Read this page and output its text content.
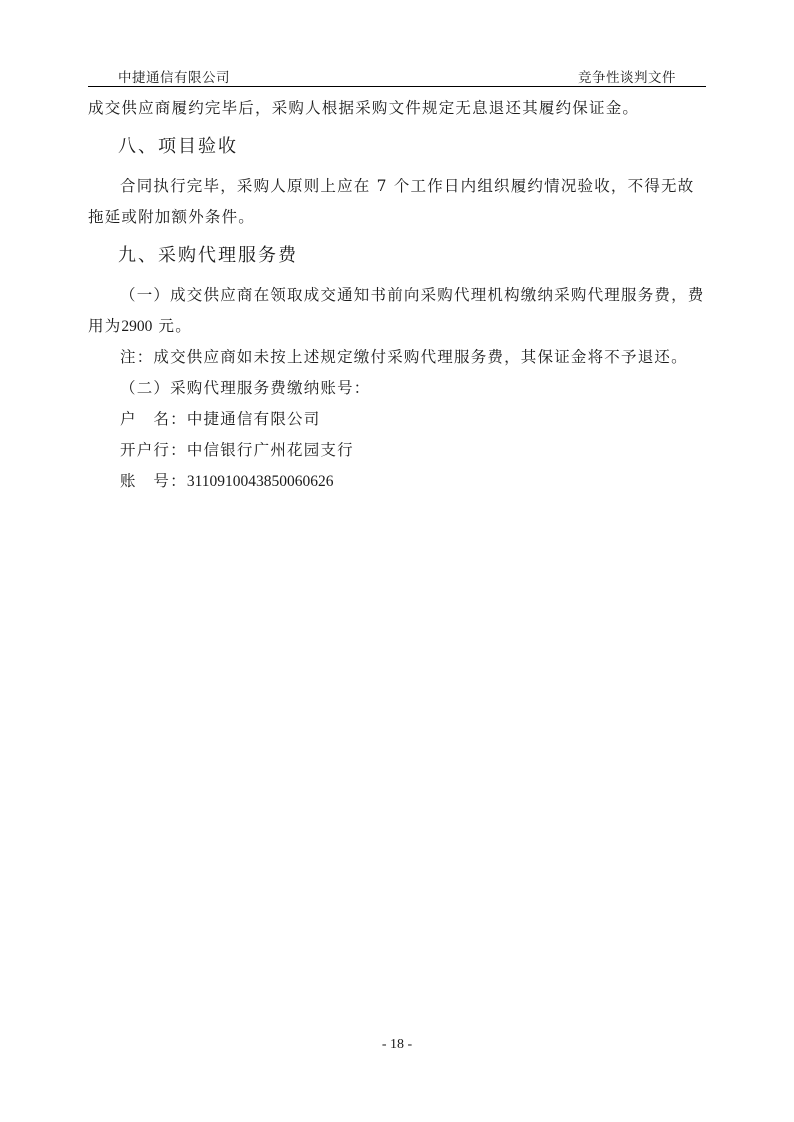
中捷通信有限公司	竞争性谈判文件

成交供应商履约完毕后，采购人根据采购文件规定无息退还其履约保证金。

八、项目验收

合同执行完毕，采购人原则上应在 7 个工作日内组织履约情况验收，不得无故拖延或附加额外条件。

九、采购代理服务费

（一）成交供应商在领取成交通知书前向采购代理机构缴纳采购代理服务费，费用为2900 元。

注：成交供应商如未按上述规定缴付采购代理服务费，其保证金将不予退还。

（二）采购代理服务费缴纳账号：

户　名：中捷通信有限公司

开户行：中信银行广州花园支行

账　号：3110910043850060626

- 18 -
